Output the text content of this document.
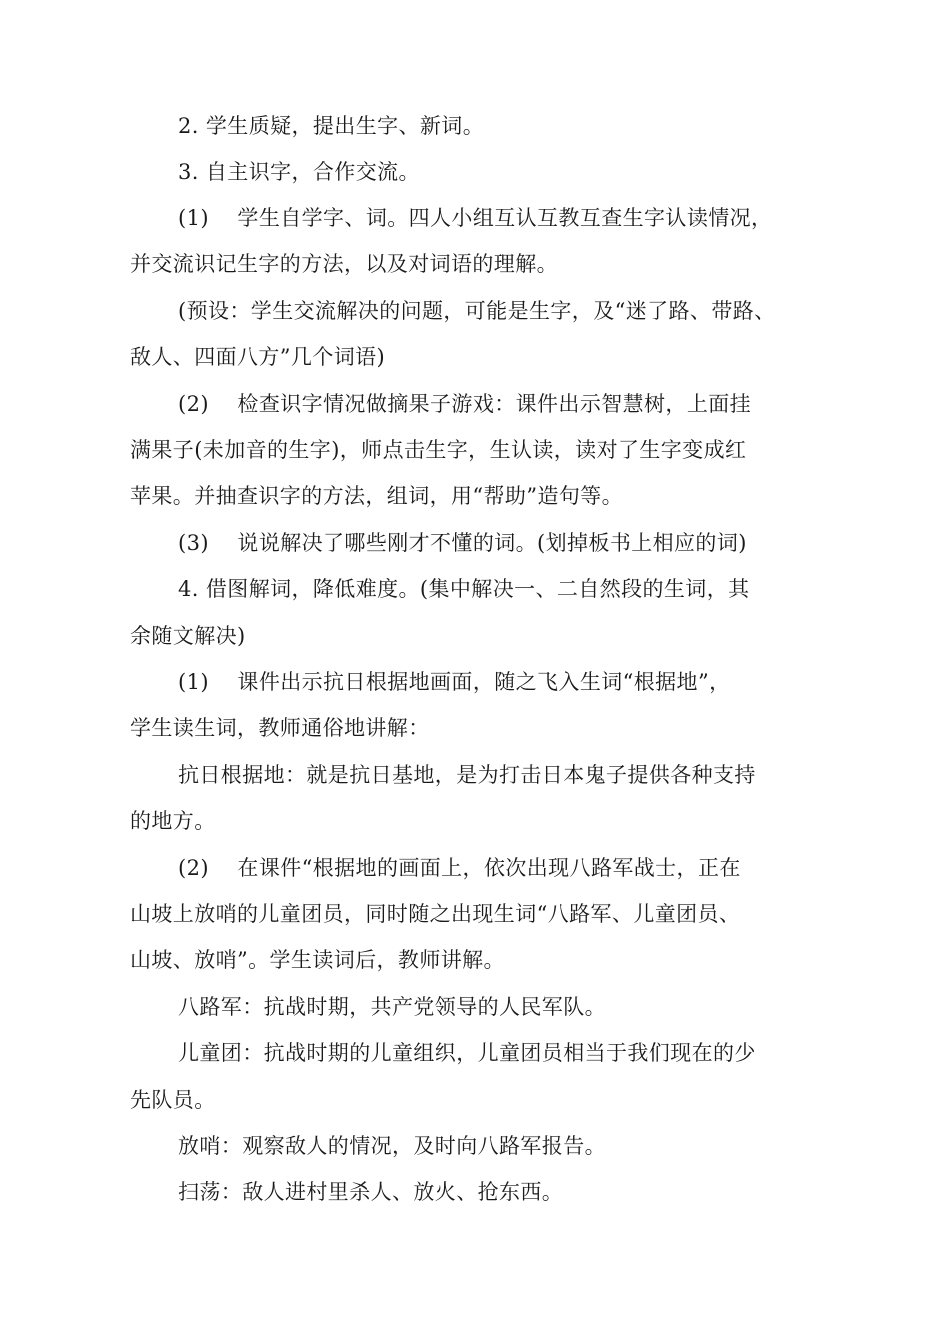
2. 学生质疑，提出生字、新词。
3. 自主识字，合作交流。
(1)　 学生自学字、词。四人小组互认互教互查生字认读情况，
并交流识记生字的方法，以及对词语的理解。
(预设：学生交流解决的问题，可能是生字，及“迷了路、带路、
敌人、四面八方”几个词语)
(2)　 检查识字情况做摘果子游戏：课件出示智慧树，上面挂
满果子(未加音的生字)，师点击生字，生认读，读对了生字变成红
苹果。并抽查识字的方法，组词，用“帮助”造句等。
(3)　 说说解决了哪些刚才不懂的词。(划掉板书上相应的词)
4. 借图解词，降低难度。(集中解决一、二自然段的生词，其
余随文解决)
(1)　 课件出示抗日根据地画面，随之飞入生词“根据地”，
学生读生词，教师通俗地讲解：
抗日根据地：就是抗日基地，是为打击日本鬼子提供各种支持
的地方。
(2)　 在课件“根据地的画面上，依次出现八路军战士，正在
山坡上放哨的儿童团员，同时随之出现生词“八路军、儿童团员、
山坡、放哨”。学生读词后，教师讲解。
八路军：抗战时期，共产党领导的人民军队。
儿童团：抗战时期的儿童组织，儿童团员相当于我们现在的少
先队员。
放哨：观察敌人的情况，及时向八路军报告。
扫荡：敌人进村里杀人、放火、抢东西。
